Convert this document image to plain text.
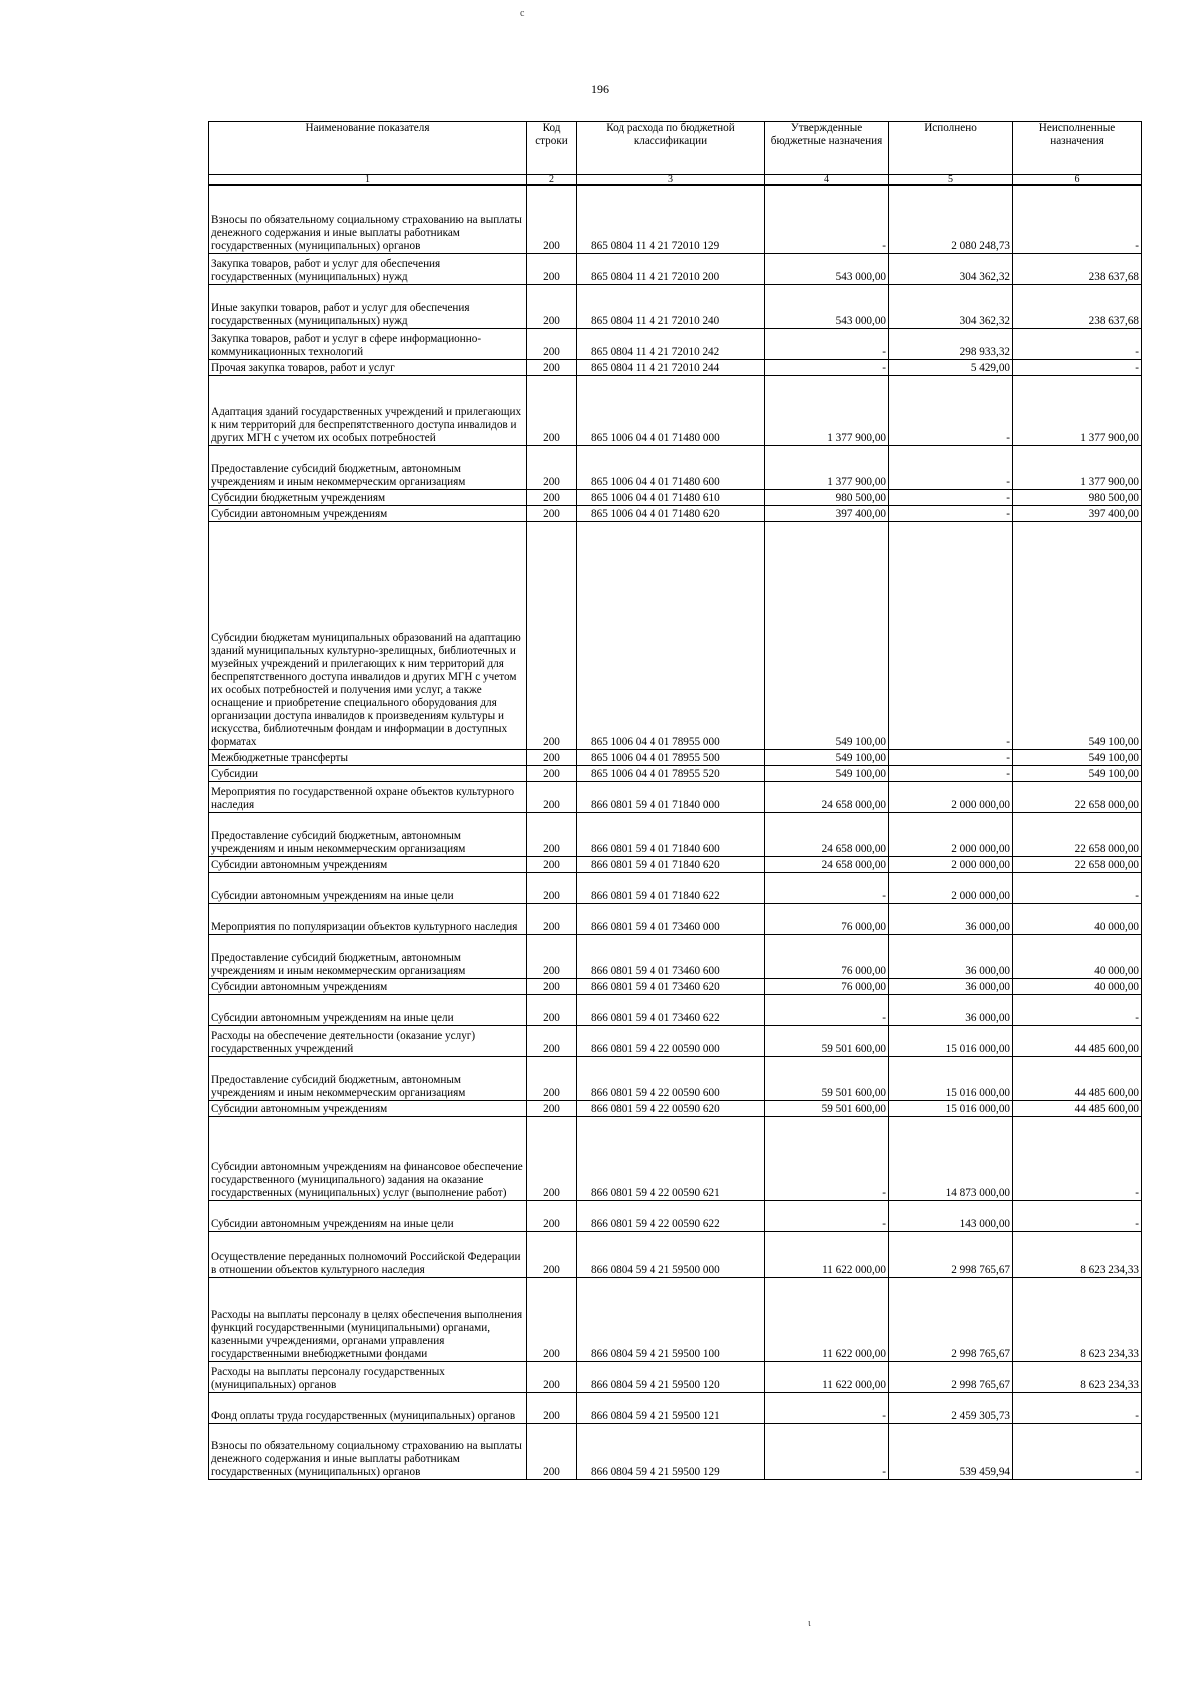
c
196
Наименование показателя	Код строки	Код расхода по бюджетной классификации	Утвержденные бюджетные назначения	Исполнено	Неисполненные назначения
1	2	3	4	5	6
Взносы по обязательному социальному страхованию на выплаты денежного содержания и иные выплаты работникам государственных (муниципальных) органов	200	865 0804 11 4 21 72010 129	-	2 080 248,73	-
Закупка товаров, работ и услуг для обеспечения государственных (муниципальных) нужд	200	865 0804 11 4 21 72010 200	543 000,00	304 362,32	238 637,68
Иные закупки товаров, работ и услуг для обеспечения государственных (муниципальных) нужд	200	865 0804 11 4 21 72010 240	543 000,00	304 362,32	238 637,68
Закупка товаров, работ и услуг в сфере информационно-коммуникационных технологий	200	865 0804 11 4 21 72010 242	-	298 933,32	-
Прочая закупка товаров, работ и услуг	200	865 0804 11 4 21 72010 244	-	5 429,00	-
Адаптация зданий государственных учреждений и прилегающих к ним территорий для беспрепятственного доступа инвалидов и других МГН с учетом их особых потребностей	200	865 1006 04 4 01 71480 000	1 377 900,00	-	1 377 900,00
Предоставление субсидий бюджетным, автономным учреждениям и иным некоммерческим организациям	200	865 1006 04 4 01 71480 600	1 377 900,00	-	1 377 900,00
Субсидии бюджетным учреждениям	200	865 1006 04 4 01 71480 610	980 500,00	-	980 500,00
Субсидии автономным учреждениям	200	865 1006 04 4 01 71480 620	397 400,00	-	397 400,00
Субсидии бюджетам муниципальных образований на адаптацию зданий муниципальных культурно-зрелищных, библиотечных и музейных учреждений и прилегающих к ним территорий для беспрепятственного доступа инвалидов и других МГН с учетом их особых потребностей и получения ими услуг, а также оснащение и приобретение специального оборудования для организации доступа инвалидов к произведениям культуры и искусства, библиотечным фондам и информации в доступных форматах	200	865 1006 04 4 01 78955 000	549 100,00	-	549 100,00
Межбюджетные трансферты	200	865 1006 04 4 01 78955 500	549 100,00	-	549 100,00
Субсидии	200	865 1006 04 4 01 78955 520	549 100,00	-	549 100,00
Мероприятия по государственной охране объектов культурного наследия	200	866 0801 59 4 01 71840 000	24 658 000,00	2 000 000,00	22 658 000,00
Предоставление субсидий бюджетным, автономным учреждениям и иным некоммерческим организациям	200	866 0801 59 4 01 71840 600	24 658 000,00	2 000 000,00	22 658 000,00
Субсидии автономным учреждениям	200	866 0801 59 4 01 71840 620	24 658 000,00	2 000 000,00	22 658 000,00
Субсидии автономным учреждениям на иные цели	200	866 0801 59 4 01 71840 622	-	2 000 000,00	-
Мероприятия по популяризации объектов культурного наследия	200	866 0801 59 4 01 73460 000	76 000,00	36 000,00	40 000,00
Предоставление субсидий бюджетным, автономным учреждениям и иным некоммерческим организациям	200	866 0801 59 4 01 73460 600	76 000,00	36 000,00	40 000,00
Субсидии автономным учреждениям	200	866 0801 59 4 01 73460 620	76 000,00	36 000,00	40 000,00
Субсидии автономным учреждениям на иные цели	200	866 0801 59 4 01 73460 622	-	36 000,00	-
Расходы на обеспечение деятельности (оказание услуг) государственных учреждений	200	866 0801 59 4 22 00590 000	59 501 600,00	15 016 000,00	44 485 600,00
Предоставление субсидий бюджетным, автономным учреждениям и иным некоммерческим организациям	200	866 0801 59 4 22 00590 600	59 501 600,00	15 016 000,00	44 485 600,00
Субсидии автономным учреждениям	200	866 0801 59 4 22 00590 620	59 501 600,00	15 016 000,00	44 485 600,00
Субсидии автономным учреждениям на финансовое обеспечение государственного (муниципального) задания на оказание государственных (муниципальных) услуг (выполнение работ)	200	866 0801 59 4 22 00590 621	-	14 873 000,00	-
Субсидии автономным учреждениям на иные цели	200	866 0801 59 4 22 00590 622	-	143 000,00	-
Осуществление переданных полномочий Российской Федерации в отношении объектов культурного наследия	200	866 0804 59 4 21 59500 000	11 622 000,00	2 998 765,67	8 623 234,33
Расходы на выплаты персоналу в целях обеспечения выполнения функций государственными (муниципальными) органами, казенными учреждениями, органами управления государственными внебюджетными фондами	200	866 0804 59 4 21 59500 100	11 622 000,00	2 998 765,67	8 623 234,33
Расходы на выплаты персоналу государственных (муниципальных) органов	200	866 0804 59 4 21 59500 120	11 622 000,00	2 998 765,67	8 623 234,33
Фонд оплаты труда государственных (муниципальных) органов	200	866 0804 59 4 21 59500 121	-	2 459 305,73	-
Взносы по обязательному социальному страхованию на выплаты денежного содержания и иные выплаты работникам государственных (муниципальных) органов	200	866 0804 59 4 21 59500 129	-	539 459,94	-
ι
